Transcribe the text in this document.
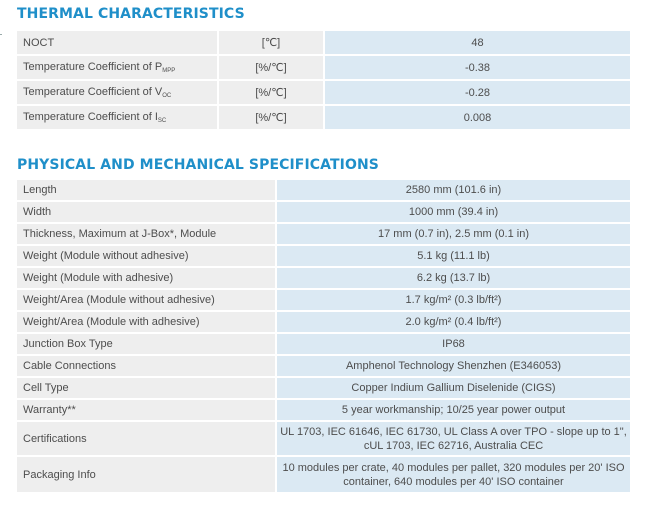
THERMAL CHARACTERISTICS
NOCT	[℃]	48
Temperature Coefficient of $P_{MPP}$	[%/℃]	-0.38
Temperature Coefficient of $V_{OC}$	[%/℃]	-0.28
Temperature Coefficient of $I_{SC}$	[%/℃]	0.008
PHYSICAL AND MECHANICAL SPECIFICATIONS
Length	2580 mm (101.6 in)
Width	1000 mm (39.4 in)
Thickness, Maximum at J-Box*, Module	17 mm (0.7 in), 2.5 mm (0.1 in)
Weight (Module without adhesive)	5.1 kg (11.1 lb)
Weight (Module with adhesive)	6.2 kg (13.7 lb)
Weight/Area (Module without adhesive)	1.7 kg/m² (0.3 lb/ft²)
Weight/Area (Module with adhesive)	2.0 kg/m² (0.4 lb/ft²)
Junction Box Type	IP68
Cable Connections	Amphenol Technology Shenzhen (E346053)
Cell Type	Copper Indium Gallium Diselenide (CIGS)
Warranty**	5 year workmanship; 10/25 year power output
Certifications	UL 1703, IEC 61646, IEC 61730, UL Class A over TPO - slope up to 1",
cUL 1703, IEC 62716, Australia CEC
Packaging Info	10 modules per crate, 40 modules per pallet, 320 modules per 20' ISO
container, 640 modules per 40' ISO container
